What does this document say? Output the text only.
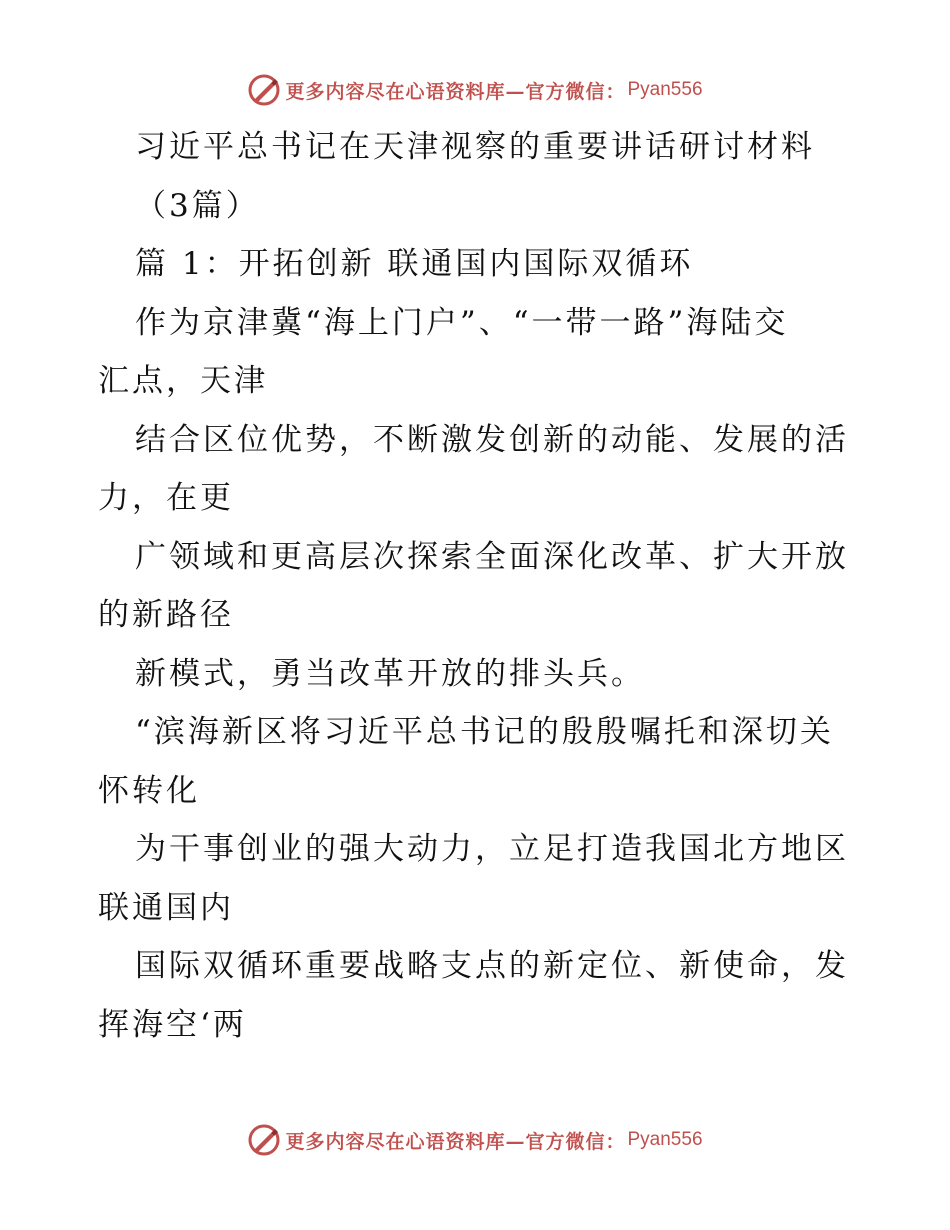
更多内容尽在心语资料库—官方微信： Pyan556
习近平总书记在天津视察的重要讲话研讨材料
（3篇）
篇 1：开拓创新 联通国内国际双循环
作为京津冀“海上门户”、“一带一路”海陆交
汇点，天津
结合区位优势，不断激发创新的动能、发展的活
力，在更
广领域和更高层次探索全面深化改革、扩大开放
的新路径
新模式，勇当改革开放的排头兵。
“滨海新区将习近平总书记的殷殷嘱托和深切关
怀转化
为干事创业的强大动力，立足打造我国北方地区
联通国内
国际双循环重要战略支点的新定位、新使命，发
挥海空‘两
更多内容尽在心语资料库—官方微信： Pyan556
